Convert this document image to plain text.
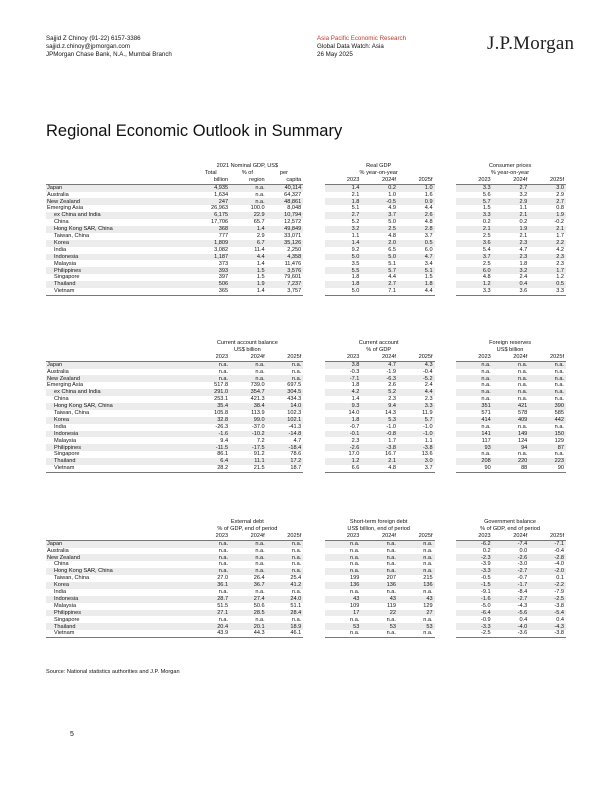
Sajjid Z Chinoy (91-22) 6157-3386
sajjid.z.chinoy@jpmorgan.com
JPMorgan Chase Bank, N.A., Mumbai Branch
Asia Pacific Economic Research
Global Data Watch: Asia
26 May 2025
J.P.Morgan
Regional Economic Outlook in Summary
	2021 Nominal GDP, US$				Real GDP				Consumer prices		
	Total	% of	per		% year-on-year				% year-on-year		
	billion	region	capita		2023	2024f	2025f		2023	2024f	2025f
Japan	4,935	n.a.	40,114		1.4	0.2	1.0		3.3	2.7	3.0
Australia	1,634	n.a.	64,327		2.1	1.0	1.6		5.6	3.2	2.9
New Zealand	247	n.a.	48,861		1.8	-0.5	0.9		5.7	2.9	2.7
Emerging Asia	26,963	100.0	8,048		5.1	4.9	4.4		1.5	1.1	0.8
ex China and India	6,175	22.9	10,794		2.7	3.7	2.6		3.3	2.1	1.9
China	17,706	65.7	12,572		5.2	5.0	4.8		0.2	0.2	-0.2
Hong Kong SAR, China	368	1.4	49,849		3.2	2.5	2.8		2.1	1.9	2.1
Taiwan, China	777	2.9	33,071		1.1	4.8	3.7		2.5	2.1	1.7
Korea	1,809	6.7	35,126		1.4	2.0	0.5		3.6	2.3	2.2
India	3,082	11.4	2,250		9.2	6.5	6.0		5.4	4.7	4.2
Indonesia	1,187	4.4	4,358		5.0	5.0	4.7		3.7	2.3	2.3
Malaysia	373	1.4	11,476		3.5	5.1	3.4		2.5	1.8	2.3
Philippines	393	1.5	3,576		5.5	5.7	5.1		6.0	3.2	1.7
Singapore	397	1.5	79,601		1.8	4.4	1.5		4.8	2.4	1.2
Thailand	506	1.9	7,237		1.8	2.7	1.8		1.2	0.4	0.5
Vietnam	365	1.4	3,757		5.0	7.1	4.4		3.3	3.6	3.3
	Current account balance				Current account				Foreign reserves		
	US$ billion				% of GDP				US$ billion		
	2023	2024f	2025f		2023	2024f	2025f		2023	2024f	2025f
Japan	n.a.	n.a.	n.a.		3.8	4.7	4.3		n.a.	n.a.	n.a.
Australia	n.a.	n.a.	n.a.		-0.3	-1.9	-0.4		n.a.	n.a.	n.a.
New Zealand	n.a.	n.a.	n.a.		-7.1	-6.3	-5.2		n.a.	n.a.	n.a.
Emerging Asia	517.8	739.0	697.5		1.8	2.6	2.4		n.a.	n.a.	n.a.
ex China and India	291.0	354.7	304.5		4.2	5.2	4.4		n.a.	n.a.	n.a.
China	253.1	421.3	434.3		1.4	2.3	2.3		n.a.	n.a.	n.a.
Hong Kong SAR, China	35.4	38.4	14.0		9.3	9.4	3.3		351	421	390
Taiwan, China	105.8	113.9	102.3		14.0	14.3	11.9		571	578	585
Korea	32.8	99.0	102.1		1.8	5.3	5.7		414	409	442
India	-26.3	-37.0	-41.3		-0.7	-1.0	-1.0		n.a.	n.a.	n.a.
Indonesia	-1.6	-10.2	-14.8		-0.1	-0.8	-1.0		141	149	150
Malaysia	9.4	7.2	4.7		2.3	1.7	1.1		117	124	129
Philippines	-11.5	-17.5	-18.4		-2.6	-3.8	-3.8		93	94	87
Singapore	86.1	91.2	78.6		17.0	16.7	13.6		n.a.	n.a.	n.a.
Thailand	6.4	11.1	17.2		1.2	2.1	3.0		208	220	223
Vietnam	28.2	21.5	18.7		6.6	4.8	3.7		90	88	90
	External debt				Short-term foreign debt				Government balance		
	% of GDP, end of period				US$ billion, end of period				% of GDP, end of period		
	2023	2024f	2025f		2023	2024f	2025f		2023	2024f	2025f
Japan	n.a.	n.a.	n.a.		n.a.	n.a.	n.a.		-6.2	-7.4	-7.1
Australia	n.a.	n.a.	n.a.		n.a.	n.a.	n.a.		0.2	0.0	-0.4
New Zealand	n.a.	n.a.	n.a.		n.a.	n.a.	n.a.		-2.3	-2.6	-2.8
China	n.a.	n.a.	n.a.		n.a.	n.a.	n.a.		-3.9	-3.0	-4.0
Hong Kong SAR, China	n.a.	n.a.	n.a.		n.a.	n.a.	n.a.		-3.3	-2.7	-2.0
Taiwan, China	27.0	26.4	25.4		199	207	215		-0.5	-0.7	0.1
Korea	36.1	36.7	41.2		136	136	136		-1.5	-1.7	-2.2
India	n.a.	n.a.	n.a.		n.a.	n.a.	n.a.		-9.1	-8.4	-7.9
Indonesia	28.7	27.4	24.0		43	43	43		-1.6	-2.7	-2.5
Malaysia	51.5	50.6	51.1		109	119	129		-5.0	-4.3	-3.8
Philippines	27.1	28.5	28.4		17	22	27		-6.4	-5.6	-5.4
Singapore	n.a.	n.a.	n.a.		n.a.	n.a.	n.a.		-0.9	0.4	0.4
Thailand	20.4	20.1	18.9		53	53	53		-3.3	-4.0	-4.3
Vietnam	43.9	44.3	46.1		n.a.	n.a.	n.a.		-2.5	-3.6	-3.8
Source: National statistics authorities and J.P. Morgan
5
